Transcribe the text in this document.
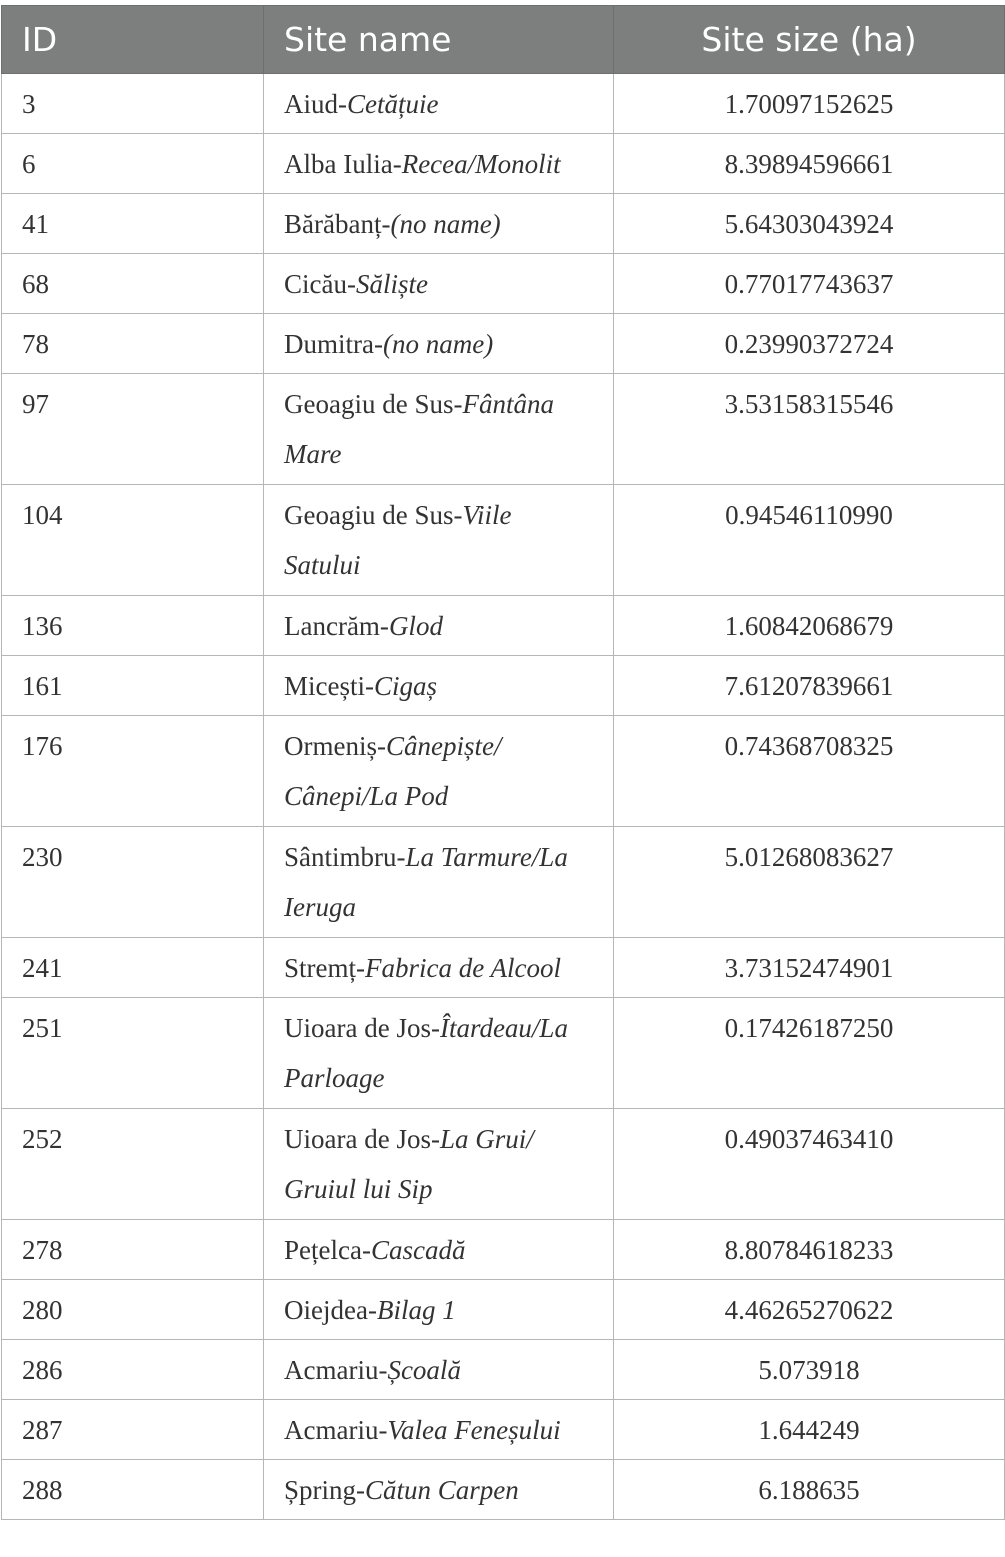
ID	Site name	Site size (ha)
3	Aiud-Cetățuie	1.70097152625
6	Alba Iulia-Recea/Monolit	8.39894596661
41	Bărăbanț-(no name)	5.64303043924
68	Cicău-Săliște	0.77017743637
78	Dumitra-(no name)	0.23990372724
97	Geoagiu de Sus-Fântâna Mare	3.53158315546
104	Geoagiu de Sus-Viile Satului	0.94546110990
136	Lancrăm-Glod	1.60842068679
161	Micești-Cigaș	7.61207839661
176	Ormeniș-Cânepiște/ Cânepi/La Pod	0.74368708325
230	Sântimbru-La Tarmure/La Ieruga	5.01268083627
241	Stremț-Fabrica de Alcool	3.73152474901
251	Uioara de Jos-Îtardeau/La Parloage	0.17426187250
252	Uioara de Jos-La Grui/ Gruiul lui Sip	0.49037463410
278	Pețelca-Cascadă	8.80784618233
280	Oiejdea-Bilag 1	4.46265270622
286	Acmariu-Școală	5.073918
287	Acmariu-Valea Feneșului	1.644249
288	Șpring-Cătun Carpen	6.188635
